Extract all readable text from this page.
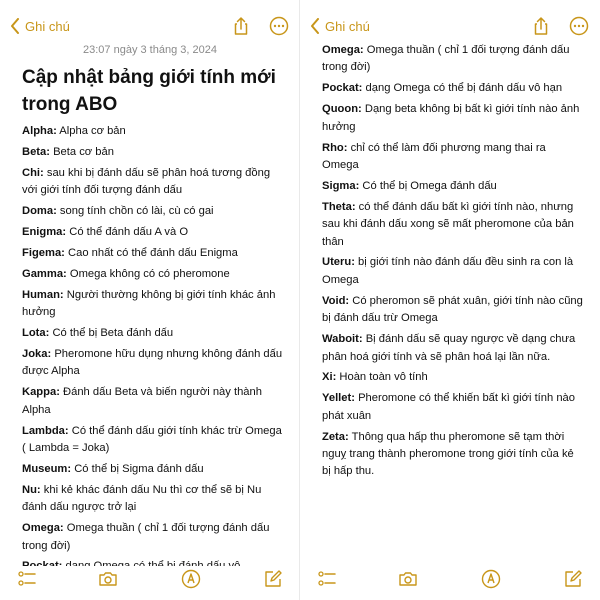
Ghi chú
23:07 ngày 3 tháng 3, 2024
Cập nhật bảng giới tính mới trong ABO
Alpha: Alpha cơ bản
Beta: Beta cơ bản
Chi: sau khi bị đánh dấu sẽ phân hoá tương đồng với giới tính đối tượng đánh dấu
Doma: song tính chồn có lài, cù có gai
Enigma: Có thể đánh dấu A và O
Figema: Cao nhất có thể đánh dấu Enigma
Gamma: Omega không có có pheromone
Human: Người thường không bị giới tính khác ảnh hưởng
Lota: Có thể bị Beta đánh dấu
Joka: Pheromone hữu dụng nhưng không đánh dấu được Alpha
Kappa: Đánh dấu Beta và biến người này thành Alpha
Lambda: Có thể đánh dấu giới tính khác trừ Omega ( Lambda = Joka)
Museum: Có thể bị Sigma đánh dấu
Nu: khi kẻ khác đánh dấu Nu thì cơ thể sẽ bị Nu đánh dấu ngược trở lại
Omega: Omega thuần ( chỉ 1 đối tượng đánh dấu trong đời)
Ghi chú
Omega: Omega thuần ( chỉ 1 đối tượng đánh dấu trong đời)
Pockat: dạng Omega có thể bị đánh dấu vô hạn
Quoon: Dạng beta không bị bất kì giới tính nào ảnh hưởng
Rho: chỉ có thể làm đối phương mang thai ra Omega
Sigma: Có thể bị Omega đánh dấu
Theta: có thể đánh dấu bất kì giới tính nào, nhưng sau khi đánh dấu xong sẽ mất pheromone của bản thân
Uteru: bị giới tính nào đánh dấu đều sinh ra con là Omega
Void: Có pheromon sẽ phát xuân, giới tính nào cũng bị đánh dấu trừ Omega
Waboit: Bị đánh dấu sẽ quay ngược về dạng chưa phân hoá giới tính và sẽ phân hoá lại lần nữa.
Xi: Hoàn toàn vô tính
Yellet: Pheromone có thể khiến bất kì giới tính nào phát xuân
Zeta: Thông qua hấp thu pheromone sẽ tạm thời nguỵ trang thành pheromone trong giới tính của kẻ bị hấp thu.
